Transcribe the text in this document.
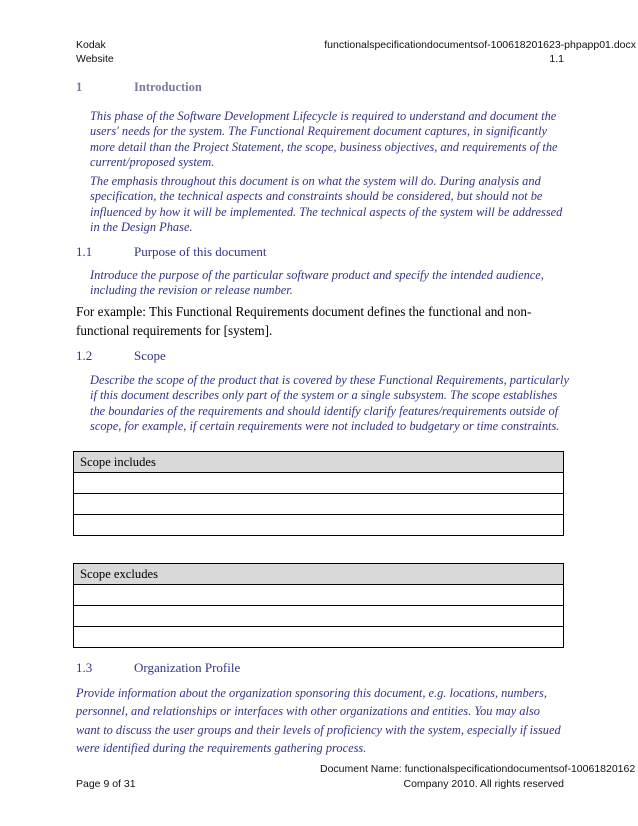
Kodak
Website
functionalspecificationdocumentsof-100618201623-phpapp01.docx
1.1
1	Introduction

This phase of the Software Development Lifecycle is required to understand and document the users' needs for the system. The Functional Requirement document captures, in significantly more detail than the Project Statement, the scope, business objectives, and requirements of the current/proposed system.

The emphasis throughout this document is on what the system will do. During analysis and specification, the technical aspects and constraints should be considered, but should not be influenced by how it will be implemented. The technical aspects of the system will be addressed in the Design Phase.

1.1	Purpose of this document

Introduce the purpose of the particular software product and specify the intended audience, including the revision or release number.

For example: This Functional Requirements document defines the functional and non-functional requirements for [system].

1.2	Scope

Describe the scope of the product that is covered by these Functional Requirements, particularly if this document describes only part of the system or a single subsystem. The scope establishes the boundaries of the requirements and should identify clarify features/requirements outside of scope, for example, if certain requirements were not included to budgetary or time constraints.

Scope includes

Scope excludes

1.3	Organization Profile

Provide information about the organization sponsoring this document, e.g. locations, numbers, personnel, and relationships or interfaces with other organizations and entities. You may also want to discuss the user groups and their levels of proficiency with the system, especially if issued were identified during the requirements gathering process.

Document Name: functionalspecificationdocumentsof-10061820162
Page 9 of 31	Company 2010. All rights reserved
